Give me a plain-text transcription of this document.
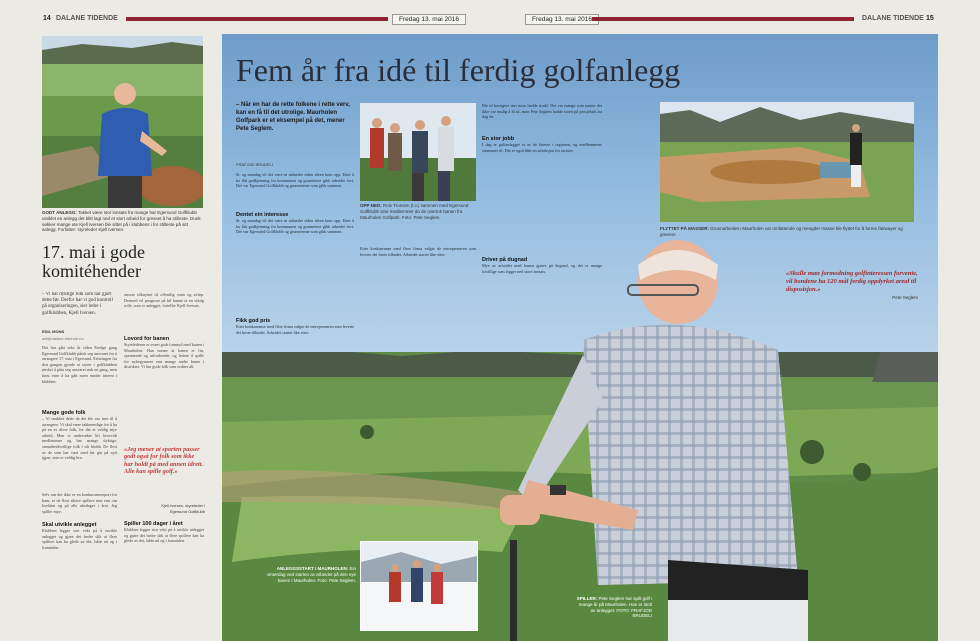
14	Fredag 13. mai 2016
DALANE TIDENDE	Fredag 13. mai 2016	DALANE TIDENDE 15
GODT ANLEGG: Takket være stor innsats fra mange har Egersund Golfklubb utviklet en anlegg det blitt lagt ned et stort arbeid for gresset å ha stilleste. Dunk søkker mange ute Kjell Iversen ble sittet på i klubbens i for stilleste på sitt anlegg. Forfatter: styreleder Kjell Iversen.
17. mai i gode komitéhender
– Vi har dyktige folk som har gjort dette før. Derfor har vi god kontroll på organiseringen, sier leder i golfklubben, Kjell Iversen.
EDIL MONS
adt@dalane-tidende.no
Det har gått seks år siden Eredge gang Egersund Golfklubb påtok seg ansvaret for å arrangere 17. mai i Egersund. Erfaringen fra den gangen gjorde at styret i golfklubben ønsket å påta seg ansvaret nok en gang, men først etter å ha gått noen runder internt i klubben.
Mange gode folk
– Vi snakket dette da det ble oss mer til å arrangere. Vi skal være takknemlige for å ha på en av disse folk, for det er veldig mye arbeid. Men vi undersøkte litt hvorvidt medlemmer og har mange dyktige, samarbeidsvillige folk i vår klubb. De flest av de som har vært med før går på nytt igjen, som er veldig bra.
Selv om det ikke er en konkurransesport for ham, er de flest aktive spillere mer enn om kvelden og på alle ukedager i året. Jeg spiller mye.
Skal utvikle anlegget
Klubben legger stor vekt på å utvikle anlegget og gjøre det bedre slik at flere spillere kan ha glede av det, både nå og i framtiden.
ansvar tilknyttet til offentlig vann og avløp. Dermed vil prognose på bil kunne ta en viktig rolle, som er anlegget, forteller Kjell Iversen.
Lovord for banen
Styrelederen er svært godt fornøyd med banen i Maurholen. Han mener at banen er fin, spennende og utfordrende, og lettere å spille for nybegynnere enn mange andre baner i distriktet. Vi har gode folk som ordner alt.
«Jeg mener at sporten passer godt også for folk som ikke har holdt på med annen idrett. Alle kan spille golf.»
Kjell Iversen, styreleder i Egersund Golfklubb
Spiller 100 dager i året
Klubben legger stor vekt på å utvikle anlegget og gjøre det bedre slik at flere spillere kan ha glede av det, både nå og i framtiden.
Fem år fra idé til ferdig golfanlegg
– Når en har de rette folkene i rette verv, kan en få til det utrolige. Maurholen Golfpark er et eksempel på det, mener Pete Seglem.
FRAFJOD BRUDELI
St. og mandag vil det være ni måneder siden ideen kom opp. Etter å ha fått godkjenning fra kommunen og grunneiere gikk arbeidet fort. Det var Egersund Golfklubb og grunneierne som gikk sammen.
Dentet ein interesse
St. og mandag vil det være ni måneder siden ideen kom opp. Etter å ha fått godkjenning fra kommunen og grunneiere gikk arbeidet fort. Det var Egersund Golfklubb og grunneierne som gikk sammen.
Fikk god pris
Etter konkurranse med flere firma valgte de entreprenøren som leverte det beste tilbudet. Arbeidet startet like etter.
OPP NED: Rolv Tronsen (t.v.) sammen med Egersund Golfklubb sine medlemmer da de overtok banen fra Maurholen Golfpark. Foto: Pete Seglem.
Etter konkurranse med flere firma valgte de entreprenøren som leverte det beste tilbudet. Arbeidet startet like etter.
Ble til hastigere enn noen hadde trodd. Det var mange som mente det ikke var mulig å få til, men Pete Seglem hadde troen på prosjektet fra dag én.
En stor jobb
I dag er golfanlegget et av de fineste i regionen, og medlemmene strømmer til. Det er også blitt en attraksjon for turister.
Driver på dugnad
Mye av arbeidet med banen gjøres på dugnad, og det er mange frivillige som legger ned store innsats.
FLYTTET PÅ MASSER: Grunnarbeidet i Maurholen var omfattende og mengder masse ble flyttet for å forme fairwayer og greener.
«Skulle man formodning golfinteressen forvente, vil bondene ha 120 mål ferdig oppdyrket areal til disposisjon.»
Pete Seglem
ANLEGGSSTART I MAURHOLEN: Ein vinterdag ved starten av arbeidet på den nye banen i Maurholen. Foto: Pete Seglem.
SPILLER: Pete Seglem har spilt golf i mange år på Maurholen. Han er stolt av anlegget. FOTO: FRAFJOD BRUDELI
